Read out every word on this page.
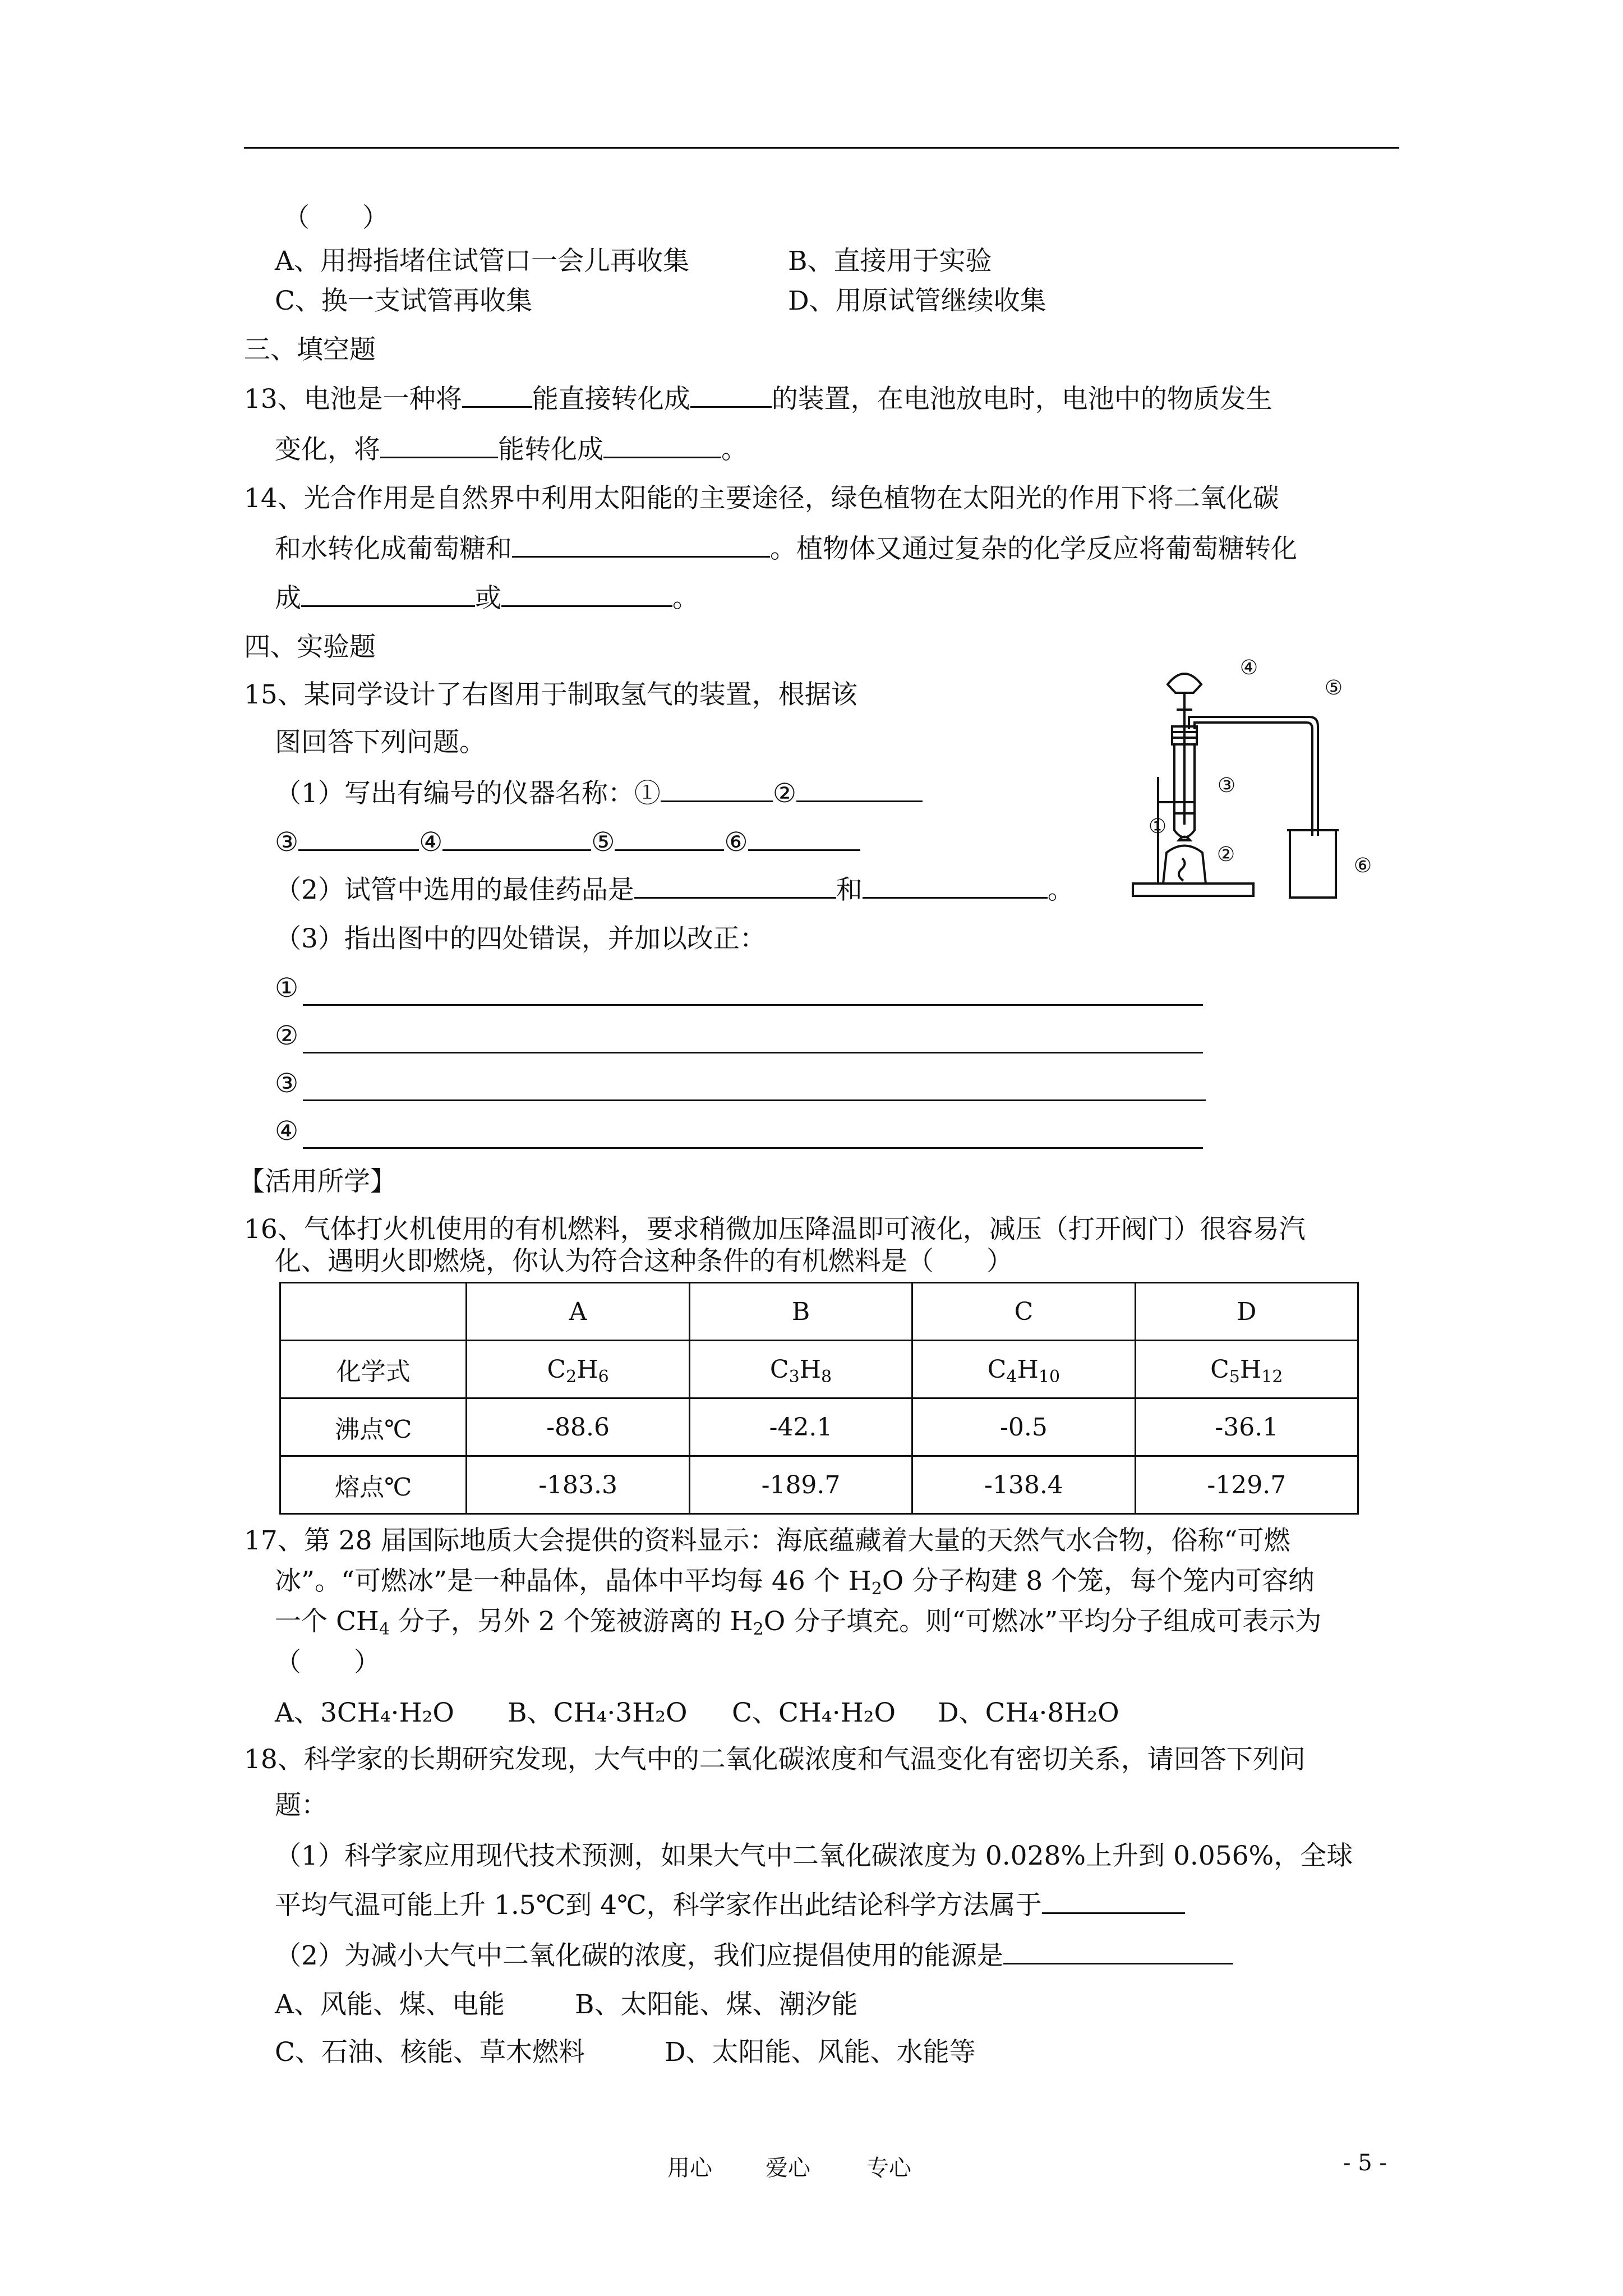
（　　）
A、用拇指堵住试管口一会儿再收集	B、直接用于实验
C、换一支试管再收集	D、用原试管继续收集
三、填空题
13、电池是一种将	能直接转化成	的装置，在电池放电时，电池中的物质发生
变化，将	能转化成	。
14、光合作用是自然界中利用太阳能的主要途径，绿色植物在太阳光的作用下将二氧化碳
和水转化成葡萄糖和	。植物体又通过复杂的化学反应将葡萄糖转化
成	或	。
四、实验题
15、某同学设计了右图用于制取氢气的装置，根据该
图回答下列问题。
（1）写出有编号的仪器名称：①	②
③	④	⑤	⑥
（2）试管中选用的最佳药品是	和	。
（3）指出图中的四处错误，并加以改正：
①
②
③
④
④
⑤
③
①
②	⑥
【活用所学】
16、气体打火机使用的有机燃料，要求稍微加压降温即可液化，减压（打开阀门）很容易汽
化、遇明火即燃烧，你认为符合这种条件的有机燃料是（　　）
	A	B	C	D
化学式	$C_2H_6$	$C_3H_8$	$C_4H_{10}$	$C_5H_{12}$
沸点℃	-88.6	-42.1	-0.5	-36.1
熔点℃	-183.3	-189.7	-138.4	-129.7
17、第 28 届国际地质大会提供的资料显示：海底蕴藏着大量的天然气水合物，俗称“可燃
冰”。“可燃冰”是一种晶体，晶体中平均每 46 个 $H_2O$ 分子构建 8 个笼，每个笼内可容纳
一个 $CH_4$ 分子，另外 2 个笼被游离的 $H_2O$ 分子填充。则“可燃冰”平均分子组成可表示为
（　　）
A、3CH₄·H₂O B、CH₄·3H₂O C、CH₄·H₂O D、CH₄·8H₂O
18、科学家的长期研究发现，大气中的二氧化碳浓度和气温变化有密切关系，请回答下列问
题：
（1）科学家应用现代技术预测，如果大气中二氧化碳浓度为 0.028%上升到 0.056%，全球
平均气温可能上升 1.5℃到 4℃，科学家作出此结论科学方法属于
（2）为减小大气中二氧化碳的浓度，我们应提倡使用的能源是
A、风能、煤、电能	B、太阳能、煤、潮汐能
C、石油、核能、草木燃料	D、太阳能、风能、水能等
用心 爱心	专心	- 5 -
